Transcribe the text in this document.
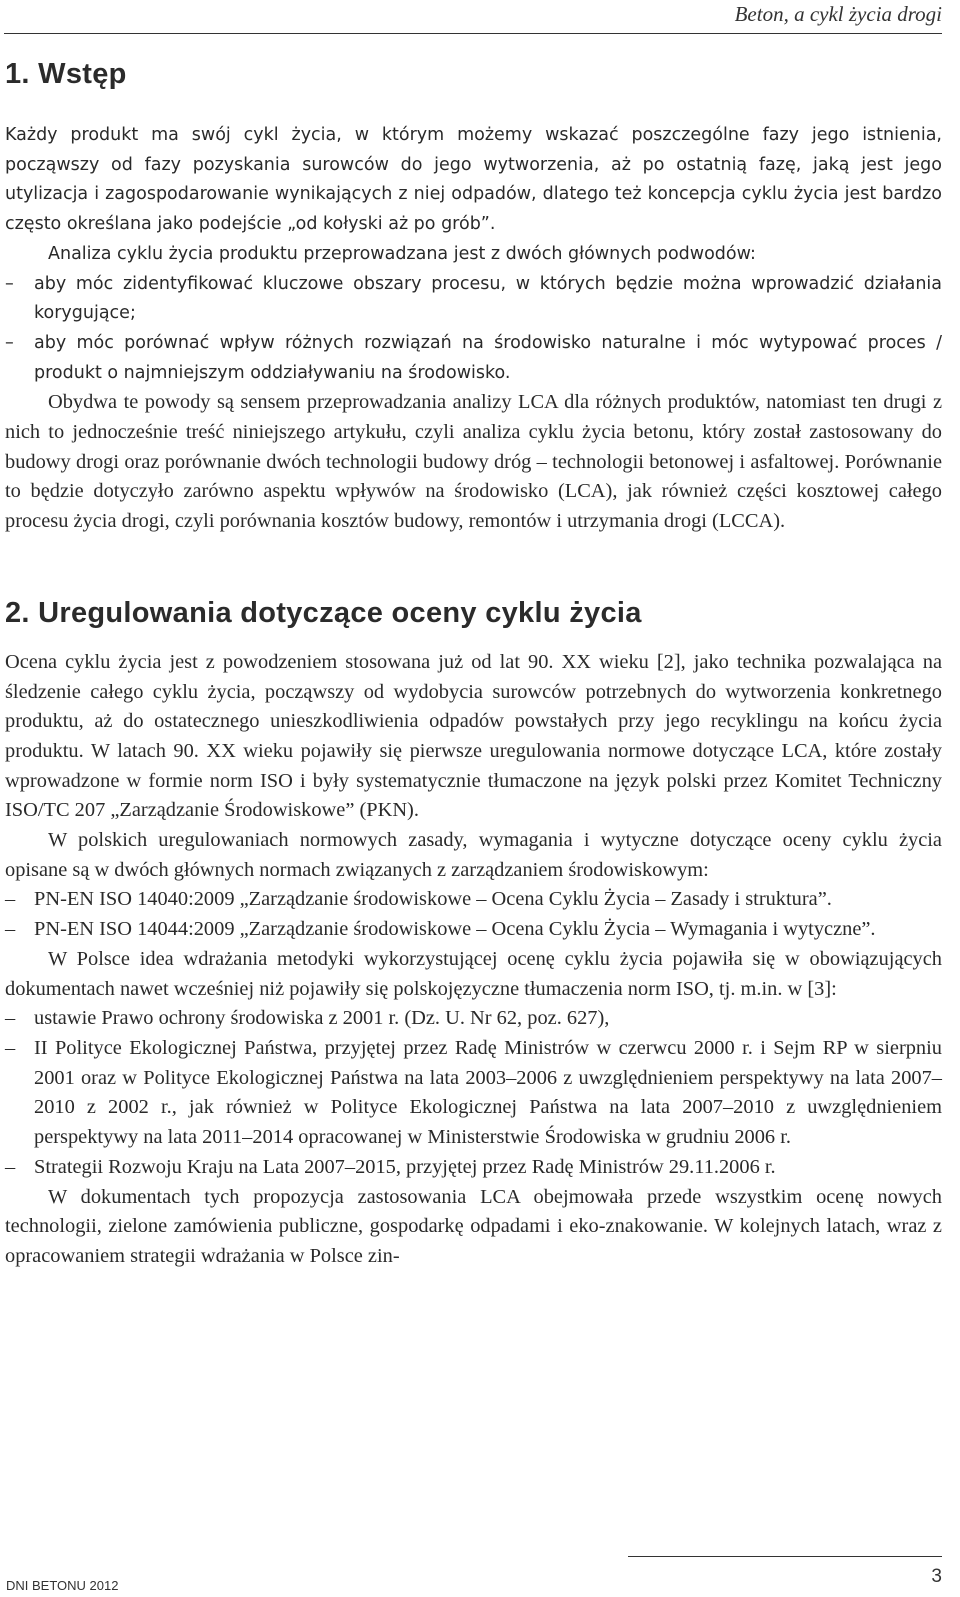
Beton, a cykl życia drogi
1. Wstęp

Każdy produkt ma swój cykl życia, w którym możemy wskazać poszczególne fazy jego istnienia, począwszy od fazy pozyskania surowców do jego wytworzenia, aż po ostatnią fazę, jaką jest jego utylizacja i zagospodarowanie wynikających z niej odpadów, dlatego też koncepcja cyklu życia jest bardzo często określana jako podejście „od kołyski aż po grób”.

Analiza cyklu życia produktu przeprowadzana jest z dwóch głównych podwodów:

– aby móc zidentyfikować kluczowe obszary procesu, w których będzie można wprowadzić działania korygujące;
– aby móc porównać wpływ różnych rozwiązań na środowisko naturalne i móc wytypować proces / produkt o najmniejszym oddziaływaniu na środowisko.

Obydwa te powody są sensem przeprowadzania analizy LCA dla różnych produktów, natomiast ten drugi z nich to jednocześnie treść niniejszego artykułu, czyli analiza cyklu życia betonu, który został zastosowany do budowy drogi oraz porównanie dwóch technologii budowy dróg – technologii betonowej i asfaltowej. Porównanie to będzie dotyczyło zarówno aspektu wpływów na środowisko (LCA), jak również części kosztowej całego procesu życia drogi, czyli porównania kosztów budowy, remontów i utrzymania drogi (LCCA).

2. Uregulowania dotyczące oceny cyklu życia

Ocena cyklu życia jest z powodzeniem stosowana już od lat 90. XX wieku [2], jako technika pozwalająca na śledzenie całego cyklu życia, począwszy od wydobycia surowców potrzebnych do wytworzenia konkretnego produktu, aż do ostatecznego unieszkodliwienia odpadów powstałych przy jego recyklingu na końcu życia produktu. W latach 90. XX wieku pojawiły się pierwsze uregulowania normowe dotyczące LCA, które zostały wprowadzone w formie norm ISO i były systematycznie tłumaczone na język polski przez Komitet Techniczny ISO/TC 207 „Zarządzanie Środowiskowe” (PKN).

W polskich uregulowaniach normowych zasady, wymagania i wytyczne dotyczące oceny cyklu życia opisane są w dwóch głównych normach związanych z zarządzaniem środowiskowym:

– PN-EN ISO 14040:2009 „Zarządzanie środowiskowe – Ocena Cyklu Życia – Zasady i struktura”.
– PN-EN ISO 14044:2009 „Zarządzanie środowiskowe – Ocena Cyklu Życia – Wymagania i wytyczne”.

W Polsce idea wdrażania metodyki wykorzystującej ocenę cyklu życia pojawiła się w obowiązujących dokumentach nawet wcześniej niż pojawiły się polskojęzyczne tłumaczenia norm ISO, tj. m.in. w [3]:

– ustawie Prawo ochrony środowiska z 2001 r. (Dz. U. Nr 62, poz. 627),
– II Polityce Ekologicznej Państwa, przyjętej przez Radę Ministrów w czerwcu 2000 r. i Sejm RP w sierpniu 2001 oraz w Polityce Ekologicznej Państwa na lata 2003–2006 z uwzględnieniem perspektywy na lata 2007–2010 z 2002 r., jak również w Polityce Ekologicznej Państwa na lata 2007–2010 z uwzględnieniem perspektywy na lata 2011–2014 opracowanej w Ministerstwie Środowiska w grudniu 2006 r.
– Strategii Rozwoju Kraju na Lata 2007–2015, przyjętej przez Radę Ministrów 29.11.2006 r.

W dokumentach tych propozycja zastosowania LCA obejmowała przede wszystkim ocenę nowych technologii, zielone zamówienia publiczne, gospodarkę odpadami i eko-znakowanie. W kolejnych latach, wraz z opracowaniem strategii wdrażania w Polsce zin-

DNI BETONU 2012	3
